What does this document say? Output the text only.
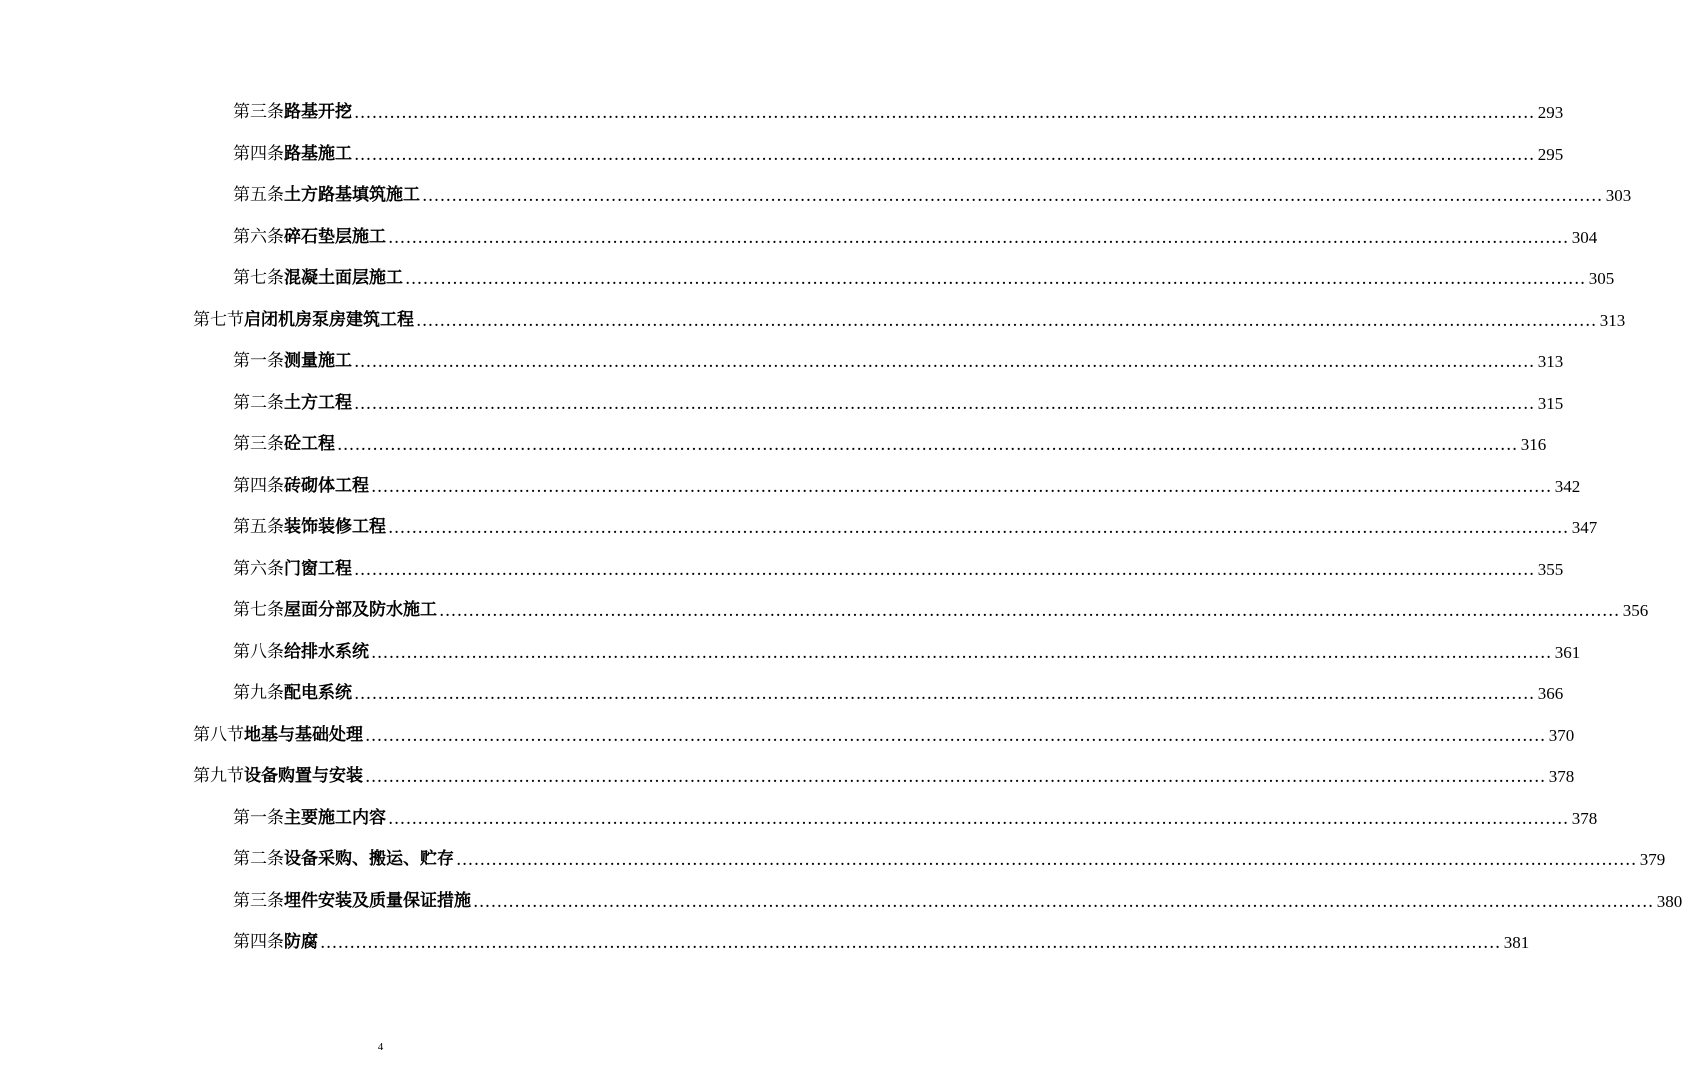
第三条 路基开挖 ........................................................................................................................................................................................................ 293
第四条 路基施工 ........................................................................................................................................................................................................ 295
第五条 土方路基填筑施工 ........................................................................................................................................................................................................ 303
第六条 碎石垫层施工 ........................................................................................................................................................................................................ 304
第七条 混凝土面层施工 ........................................................................................................................................................................................................ 305
第七节 启闭机房泵房建筑工程 ........................................................................................................................................................................................................ 313
第一条 测量施工 ........................................................................................................................................................................................................ 313
第二条 土方工程 ........................................................................................................................................................................................................ 315
第三条 砼工程 ........................................................................................................................................................................................................ 316
第四条 砖砌体工程 ........................................................................................................................................................................................................ 342
第五条 装饰装修工程 ........................................................................................................................................................................................................ 347
第六条 门窗工程 ........................................................................................................................................................................................................ 355
第七条 屋面分部及防水施工 ........................................................................................................................................................................................................ 356
第八条 给排水系统 ........................................................................................................................................................................................................ 361
第九条 配电系统 ........................................................................................................................................................................................................ 366
第八节 地基与基础处理 ........................................................................................................................................................................................................ 370
第九节 设备购置与安装 ........................................................................................................................................................................................................ 378
第一条 主要施工内容 ........................................................................................................................................................................................................ 378
第二条 设备采购、搬运、贮存 ........................................................................................................................................................................................................ 379
第三条 埋件安装及质量保证措施 ........................................................................................................................................................................................................ 380
第四条 防腐 ........................................................................................................................................................................................................ 381
4
